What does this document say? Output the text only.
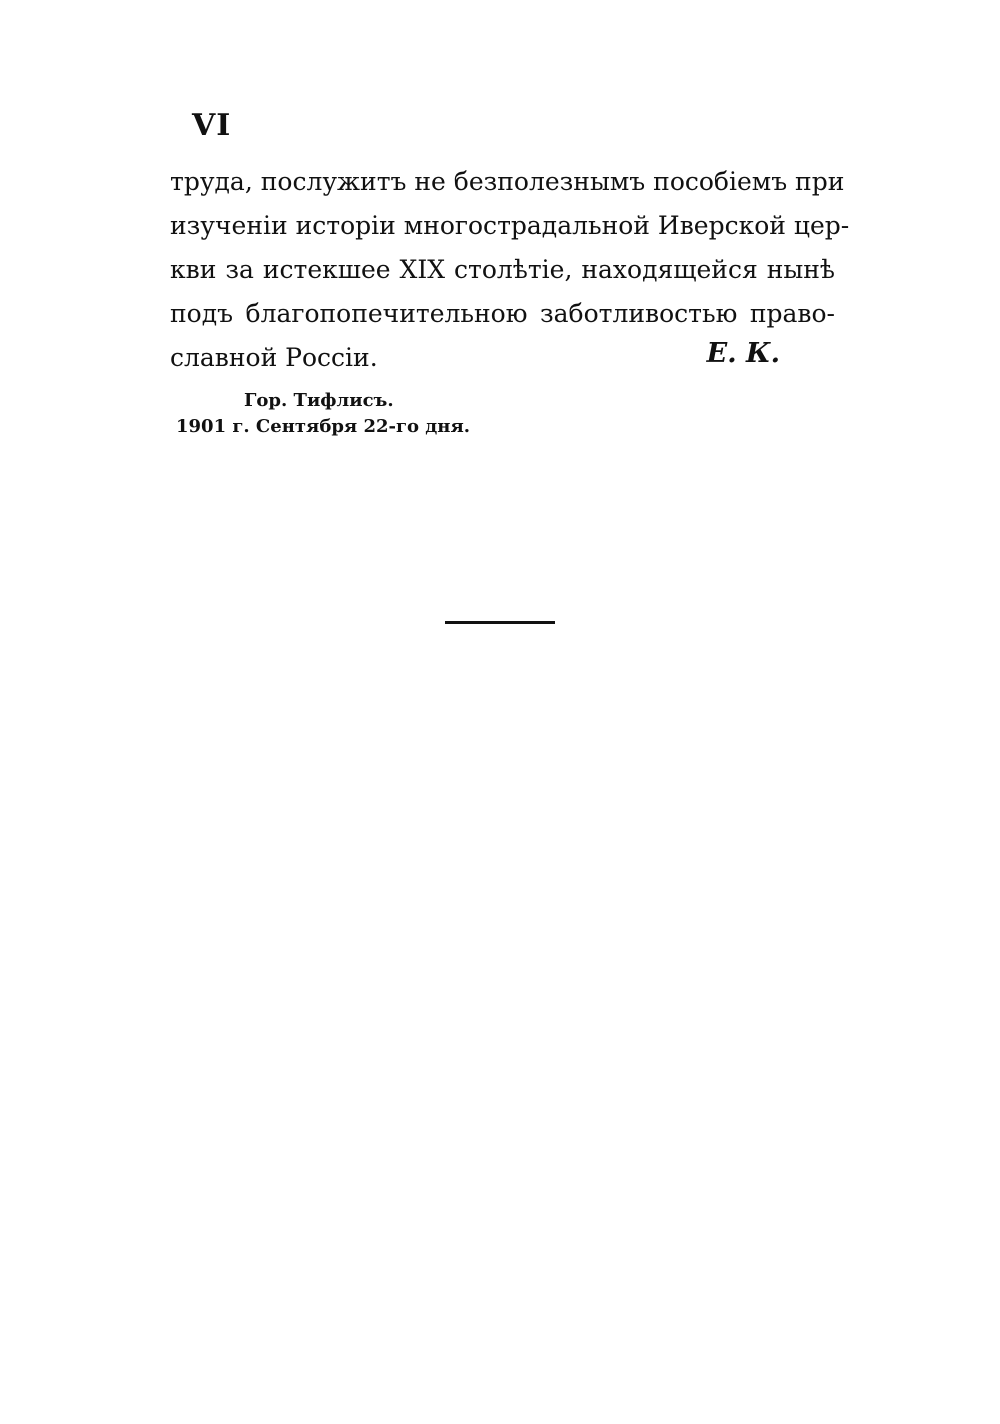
VI
труда, послужитъ не безполезнымъ пособіемъ при
изученіи исторіи многострадальной Иверской цер-
кви за истекшее XIX столѣтіе, находящейся нынѣ
подъ благопопечительною заботливостью право-
славной Россіи.	Е. К.
Гор. Тифлисъ.
1901 г. Сентября 22-го дня.
